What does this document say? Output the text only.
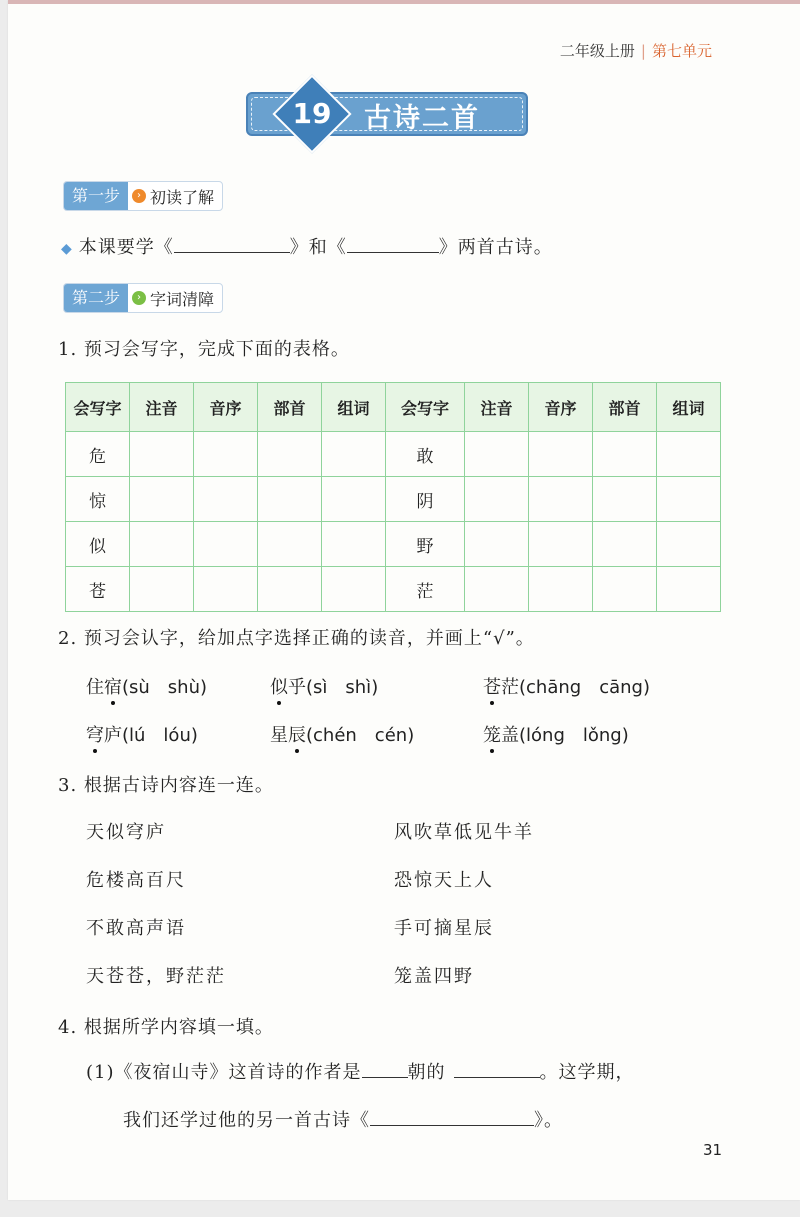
二年级上册 | 第七单元
19	古诗二首
第一步	› 初读了解
◆ 本课要学《	》和《	》两首古诗。
第二步	› 字词清障
1. 预习会写字，完成下面的表格。
会写字	注音	音序	部首	组词	会写字	注音	音序	部首	组词
危					敢				
惊					阴				
似					野				
苍					茫				
2. 预习会认字，给加点字选择正确的读音，并画上“√”。
住宿(sù　shù)	似乎(sì　shì)	苍茫(chāng　cāng)
穹庐(lú　lóu)	星辰(chén　cén)	笼盖(lóng　lǒng)
3. 根据古诗内容连一连。
天似穹庐
危楼高百尺
不敢高声语
天苍苍，野茫茫
风吹草低见牛羊
恐惊天上人
手可摘星辰
笼盖四野
4. 根据所学内容填一填。
(1)《夜宿山寺》这首诗的作者是	朝的	。这学期，
我们还学过他的另一首古诗《	》。
31
